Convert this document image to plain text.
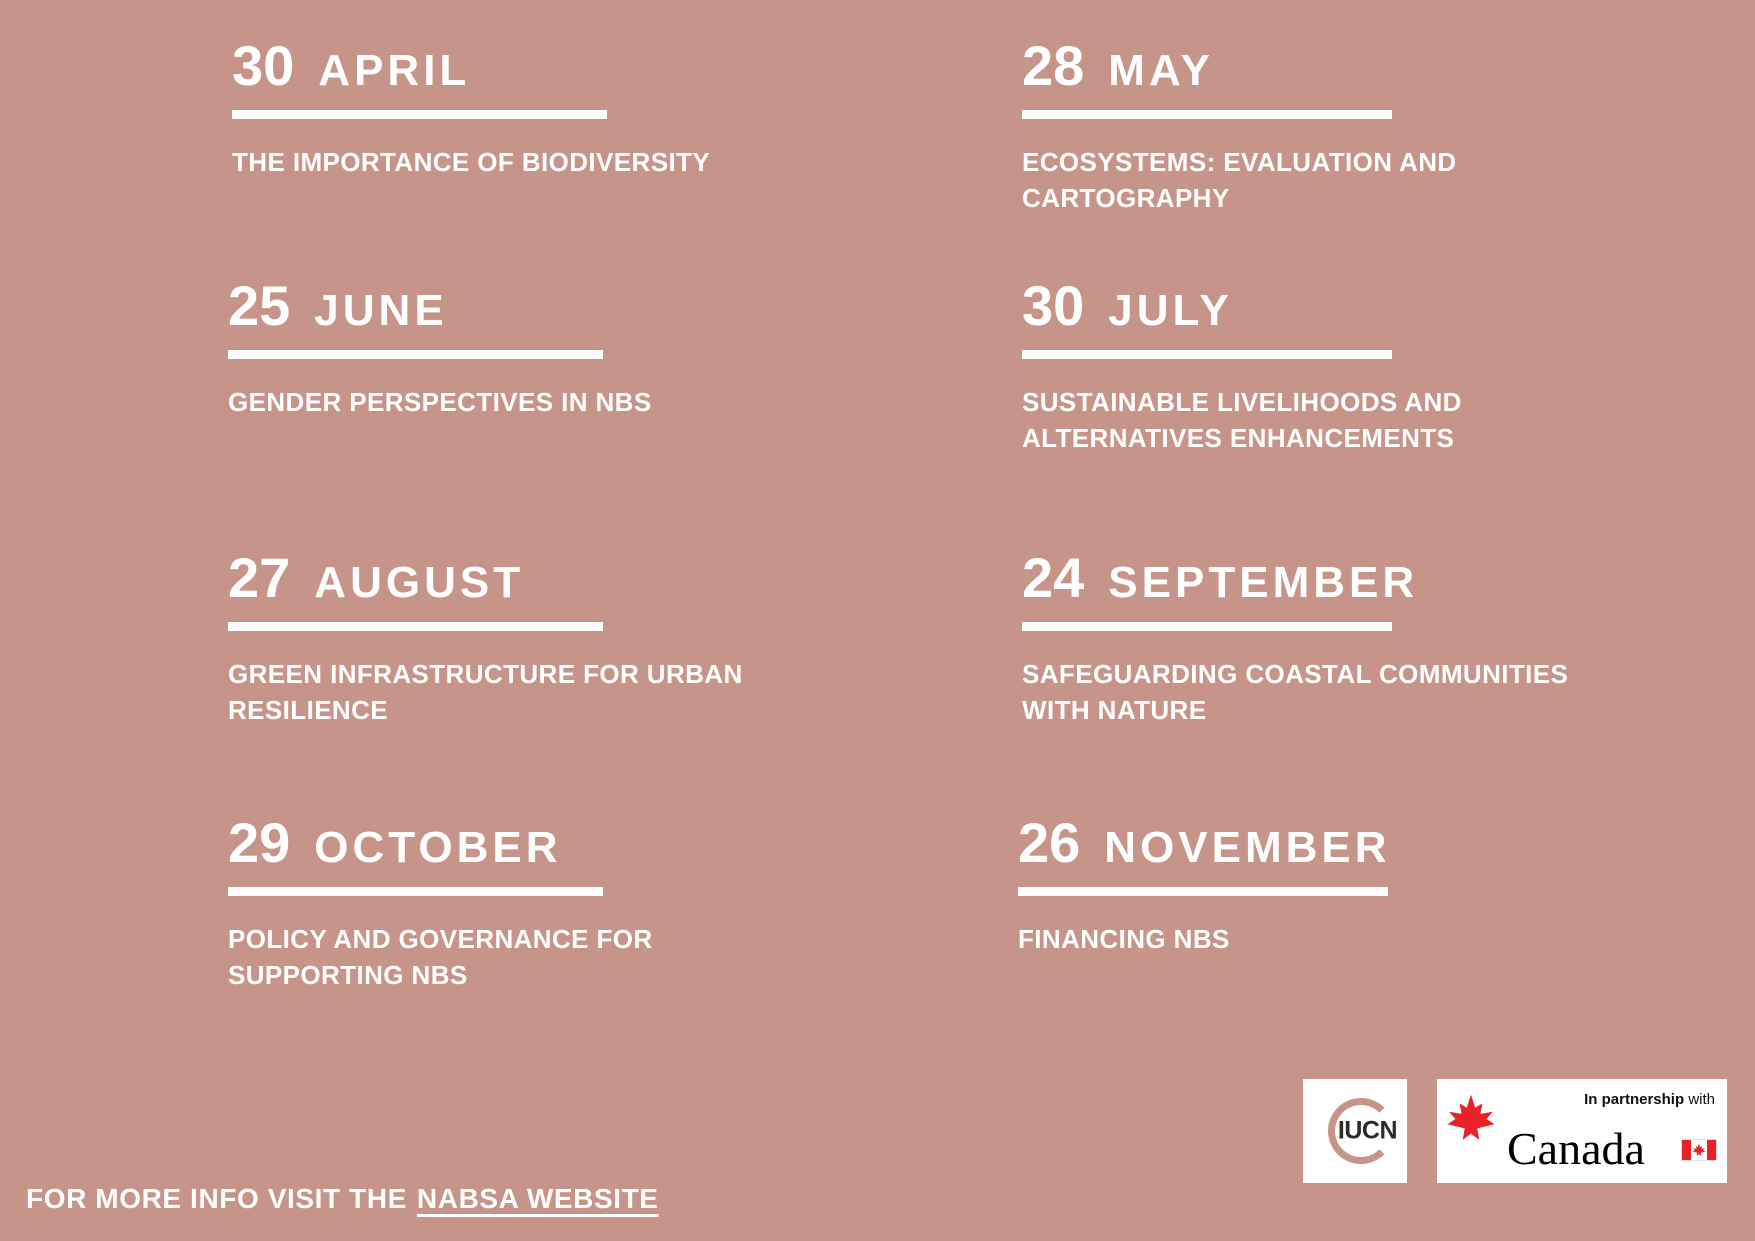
30 APRIL
THE IMPORTANCE OF BIODIVERSITY
28 MAY
ECOSYSTEMS: EVALUATION AND CARTOGRAPHY
25 JUNE
GENDER PERSPECTIVES IN NBS
30 JULY
SUSTAINABLE LIVELIHOODS AND ALTERNATIVES ENHANCEMENTS
27 AUGUST
GREEN INFRASTRUCTURE FOR URBAN RESILIENCE
24 SEPTEMBER
SAFEGUARDING COASTAL COMMUNITIES WITH NATURE
29 OCTOBER
POLICY AND GOVERNANCE FOR SUPPORTING NBS
26 NOVEMBER
FINANCING NBS
FOR MORE INFO VISIT THE NABSA WEBSITE
IUCN
In partnership with
Canada
